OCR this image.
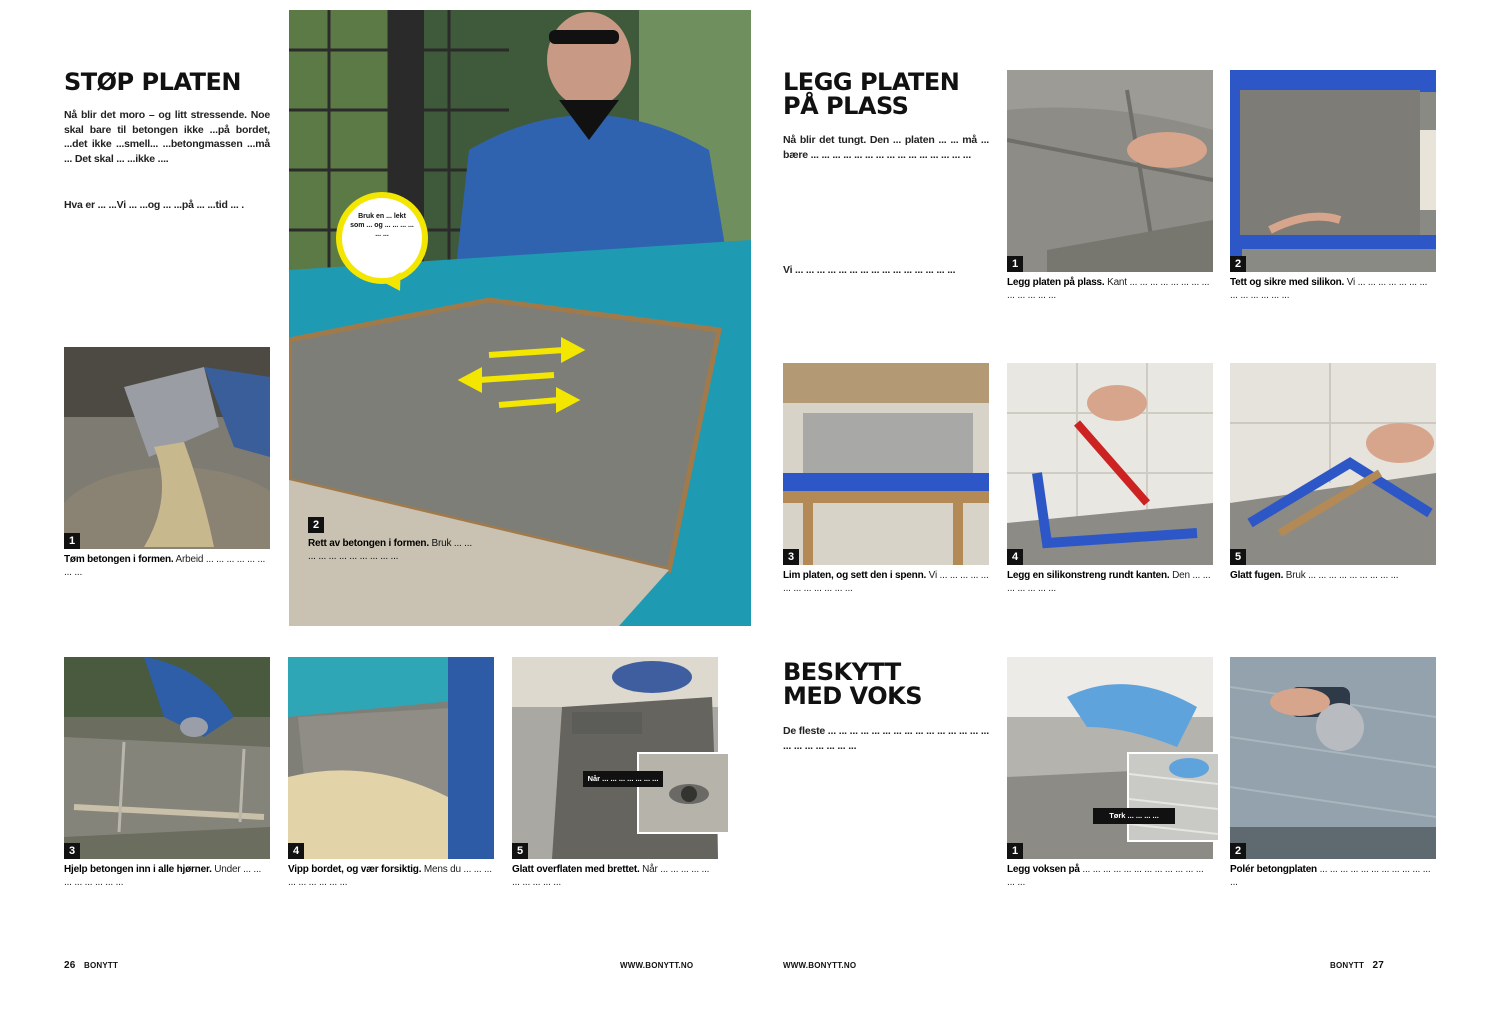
STØP PLATEN
Nå blir det moro – og litt stressende. Noe skal bare til betongen ikke ...på bordet, ...det ikke ...smell... ...betongmassen ...må ... Det skal ... ...ikke ....
Hva er ... ...Vi ... ...og ... ...på ... ...tid ... .
1
Tøm betongen i formen. Arbeid ... ... ... ... ... ... ... ...
2
Rett av betongen i formen. Bruk ... ... ... ... ... ... ... ... ... ... ...
Bruk en ... lekt som ... og ... ... ... ... ... ...
3
Hjelp betongen inn i alle hjørner. Under ... ... ... ... ... ... ... ...
4
Vipp bordet, og vær forsiktig. Mens du ... ... ... ... ... ... ... ... ...
5
Når ... ... ... ... ... ... ...
Glatt overflaten med brettet. Når ... ... ... ... ... ... ... ... ... ...
26 BONYTT	WWW.BONYTT.NO
LEGG PLATEN
PÅ PLASS
Nå blir det tungt. Den ... platen ... ... må ... bære ... ... ... ... ... ... ... ... ... ... ... ... ... ... ...
Vi ... ... ... ... ... ... ... ... ... ... ... ... ... ... ...	1
Legg platen på plass. Kant ... ... ... ... ... ... ... ... ... ... ... ... ...
2
Tett og sikre med silikon. Vi ... ... ... ... ... ... ... ... ... ... ... ... ...
3
Lim platen, og sett den i spenn. Vi ... ... ... ... ... ... ... ... ... ... ... ...
4
Legg en silikonstreng rundt kanten. Den ... ... ... ... ... ... ...
5
Glatt fugen. Bruk ... ... ... ... ... ... ... ... ...
BESKYTT
MED VOKS
De fleste ... ... ... ... ... ... ... ... ... ... ... ... ... ... ... ... ... ... ... ... ... ...
1
Tørk ... ... ... ...
Legg voksen på ... ... ... ... ... ... ... ... ... ... ... ... ... ...
2
Polér betongplaten ... ... ... ... ... ... ... ... ... ... ... ...
WWW.BONYTT.NO	BONYTT 27
